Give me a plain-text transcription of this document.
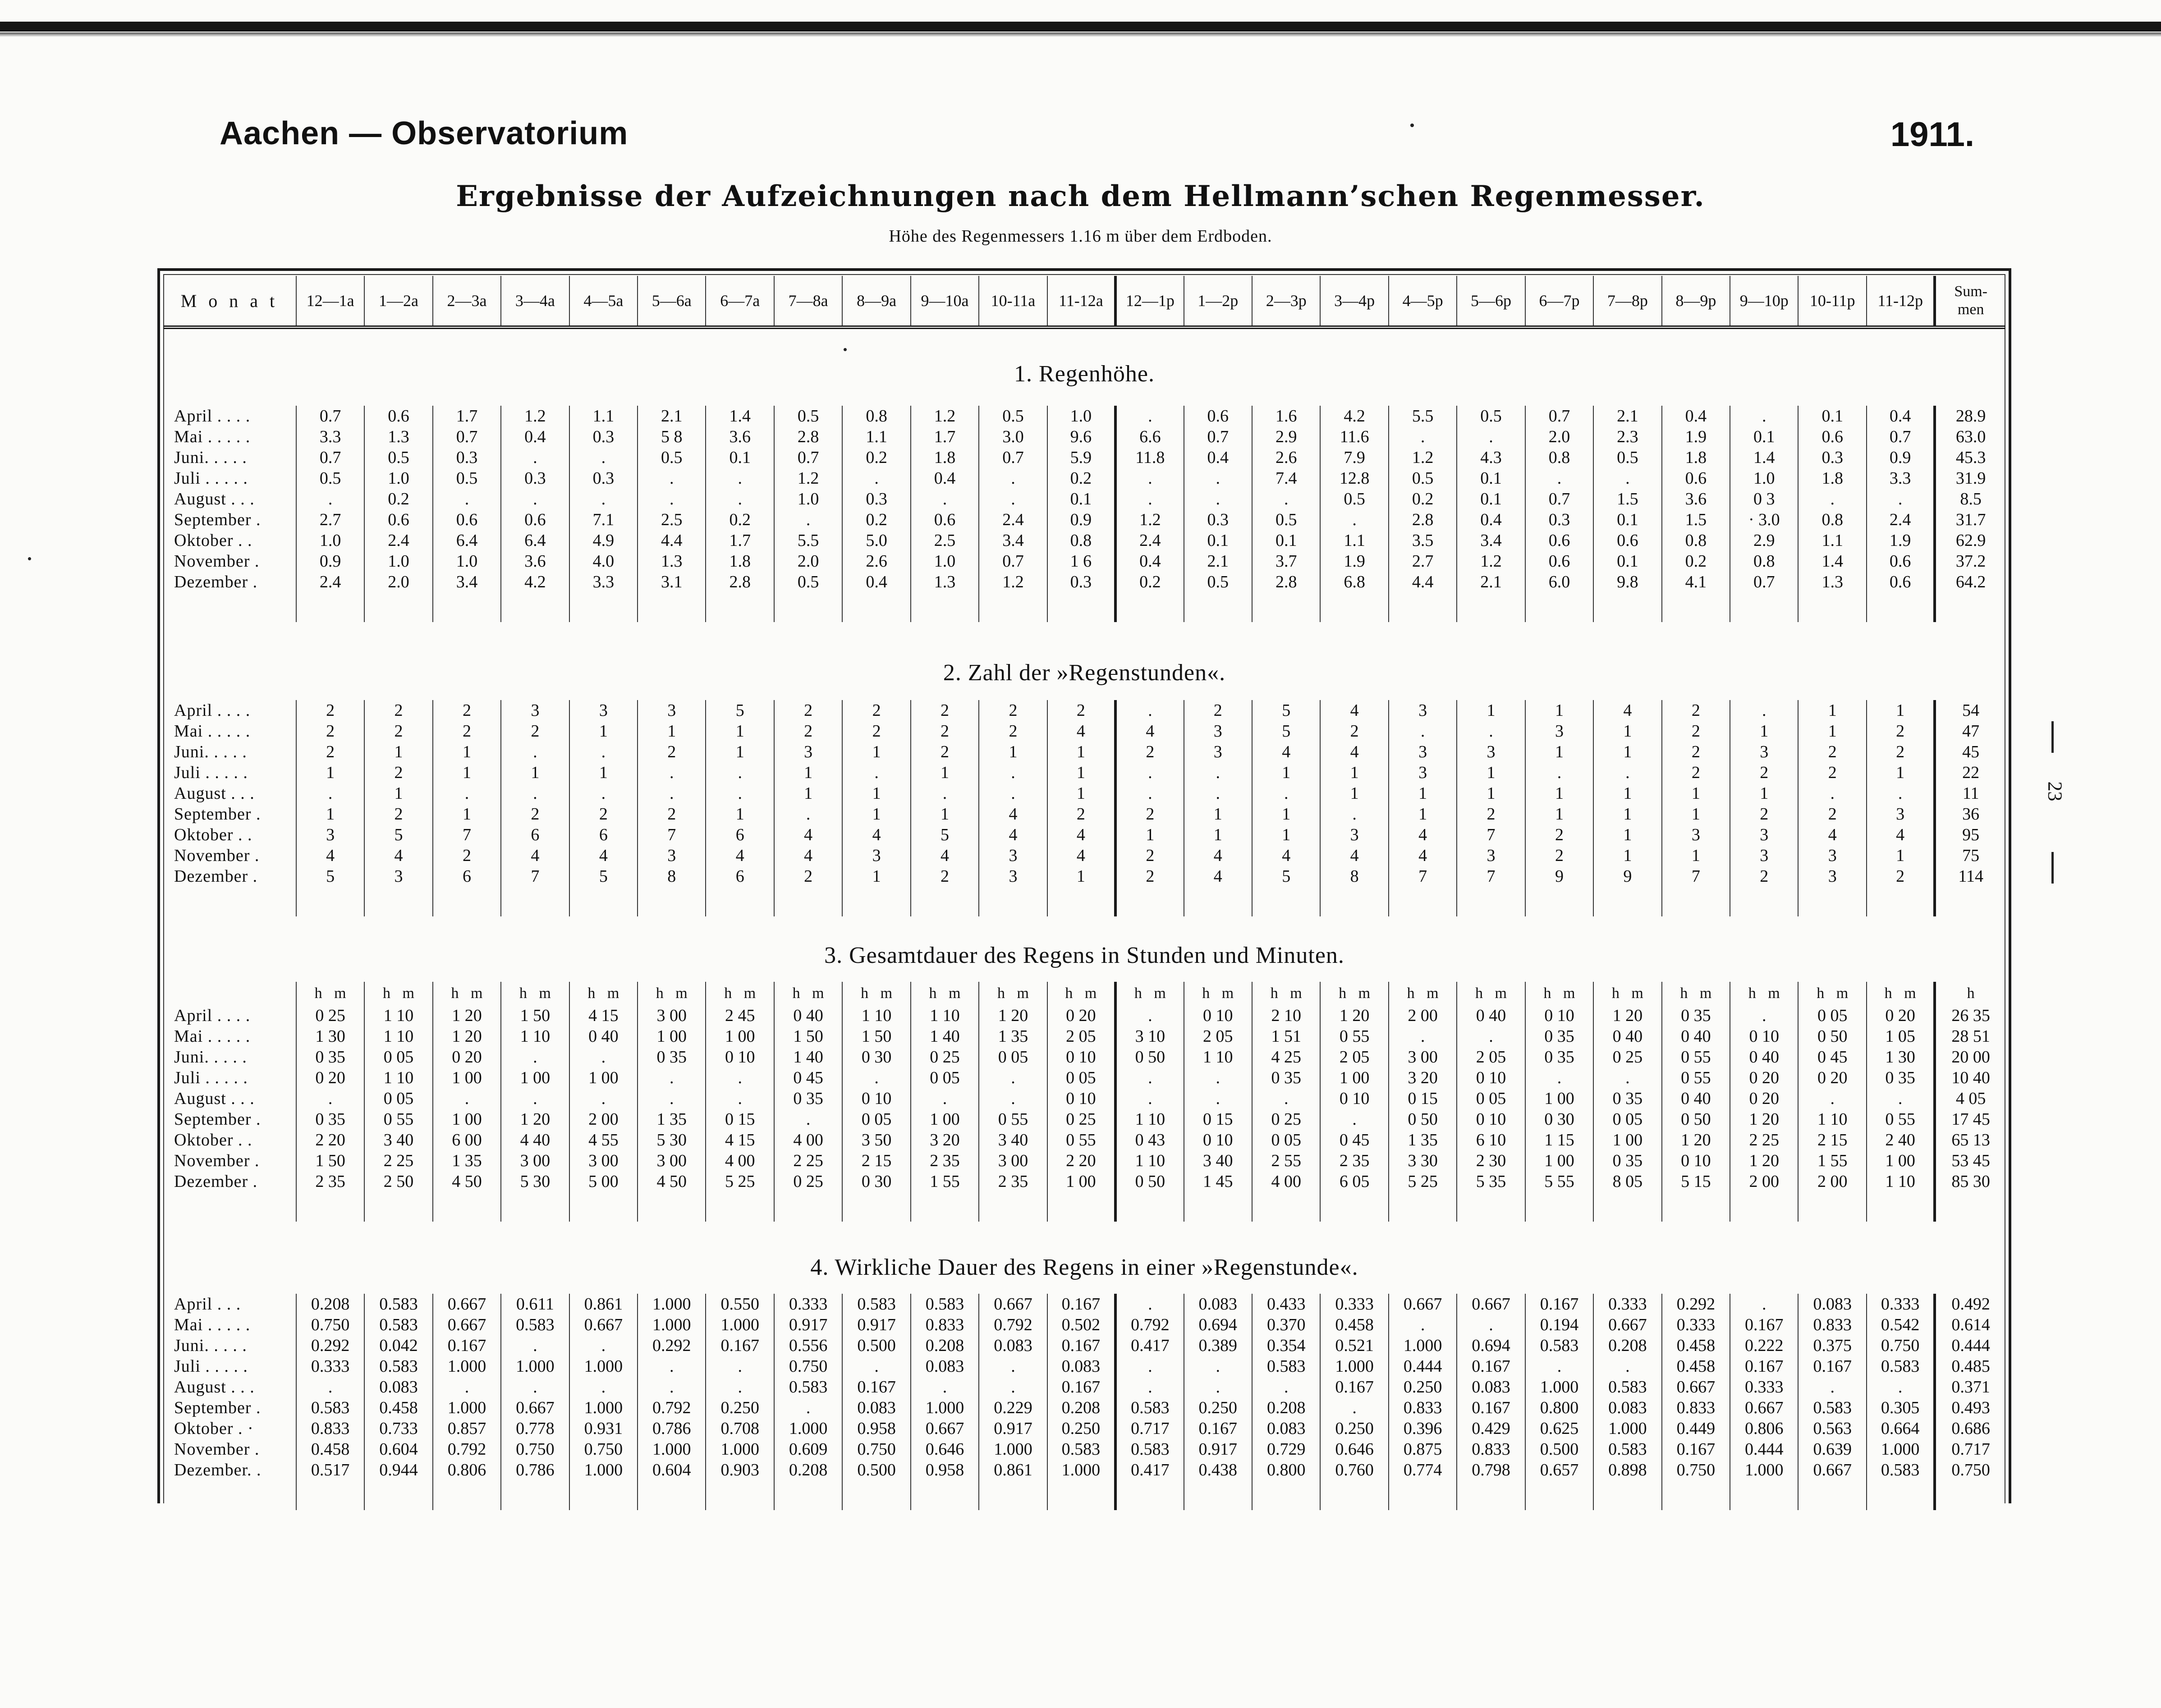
Aachen — Observatorium	1911.
Ergebnisse der Aufzeichnungen nach dem Hellmann’schen Regenmesser.
Höhe des Regenmessers 1.16 m über dem Erdboden.
M o n a t	12—1a	1—2a	2—3a	3—4a	4—5a	5—6a	6—7a	7—8a	8—9a	9—10a	10-11a	11-12a	12—1p	1—2p	2—3p	3—4p	4—5p	5—6p	6—7p	7—8p	8—9p	9—10p	10-11p	11-12p	Sum-
men
1. Regenhöhe.
April . . . .	0.7	0.6	1.7	1.2	1.1	2.1	1.4	0.5	0.8	1.2	0.5	1.0	.	0.6	1.6	4.2	5.5	0.5	0.7	2.1	0.4	.	0.1	0.4	28.9
Mai . . . . .	3.3	1.3	0.7	0.4	0.3	5 8	3.6	2.8	1.1	1.7	3.0	9.6	6.6	0.7	2.9	11.6	.	.	2.0	2.3	1.9	0.1	0.6	0.7	63.0
Juni. . . . .	0.7	0.5	0.3	.	.	0.5	0.1	0.7	0.2	1.8	0.7	5.9	11.8	0.4	2.6	7.9	1.2	4.3	0.8	0.5	1.8	1.4	0.3	0.9	45.3
Juli . . . . .	0.5	1.0	0.5	0.3	0.3	.	.	1.2	.	0.4	.	0.2	.	.	7.4	12.8	0.5	0.1	.	.	0.6	1.0	1.8	3.3	31.9
August . . .	.	0.2	.	.	.	.	.	1.0	0.3	.	.	0.1	.	.	.	0.5	0.2	0.1	0.7	1.5	3.6	0 3	.	.	8.5
September .	2.7	0.6	0.6	0.6	7.1	2.5	0.2	.	0.2	0.6	2.4	0.9	1.2	0.3	0.5	.	2.8	0.4	0.3	0.1	1.5	· 3.0	0.8	2.4	31.7
Oktober . .	1.0	2.4	6.4	6.4	4.9	4.4	1.7	5.5	5.0	2.5	3.4	0.8	2.4	0.1	0.1	1.1	3.5	3.4	0.6	0.6	0.8	2.9	1.1	1.9	62.9
November .	0.9	1.0	1.0	3.6	4.0	1.3	1.8	2.0	2.6	1.0	0.7	1 6	0.4	2.1	3.7	1.9	2.7	1.2	0.6	0.1	0.2	0.8	1.4	0.6	37.2
Dezember .	2.4	2.0	3.4	4.2	3.3	3.1	2.8	0.5	0.4	1.3	1.2	0.3	0.2	0.5	2.8	6.8	4.4	2.1	6.0	9.8	4.1	0.7	1.3	0.6	64.2

2. Zahl der »Regenstunden«.
April . . . .	2	2	2	3	3	3	5	2	2	2	2	2	.	2	5	4	3	1	1	4	2	.	1	1	54
Mai . . . . .	2	2	2	2	1	1	1	2	2	2	2	4	4	3	5	2	.	.	3	1	2	1	1	2	47
Juni. . . . .	2	1	1	.	.	2	1	3	1	2	1	1	2	3	4	4	3	3	1	1	2	3	2	2	45
Juli . . . . .	1	2	1	1	1	.	.	1	.	1	.	1	.	.	1	1	3	1	.	.	2	2	2	1	22
August . . .	.	1	.	.	.	.	.	1	1	.	.	1	.	.	.	1	1	1	1	1	1	1	.	.	11
September .	1	2	1	2	2	2	1	.	1	1	4	2	2	1	1	.	1	2	1	1	1	2	2	3	36
Oktober . .	3	5	7	6	6	7	6	4	4	5	4	4	1	1	1	3	4	7	2	1	3	3	4	4	95
November .	4	4	2	4	4	3	4	4	3	4	3	4	2	4	4	4	4	3	2	1	1	3	3	1	75
Dezember .	5	3	6	7	5	8	6	2	1	2	3	1	2	4	5	8	7	7	9	9	7	2	3	2	114

3. Gesamtdauer des Regens in Stunden und Minuten.
	h m	h m	h m	h m	h m	h m	h m	h m	h m	h m	h m	h m	h m	h m	h m	h m	h m	h m	h m	h m	h m	h m	h m	h m	h
April . . . .	0 25	1 10	1 20	1 50	4 15	3 00	2 45	0 40	1 10	1 10	1 20	0 20	.	0 10	2 10	1 20	2 00	0 40	0 10	1 20	0 35	.	0 05	0 20	26 35
Mai . . . . .	1 30	1 10	1 20	1 10	0 40	1 00	1 00	1 50	1 50	1 40	1 35	2 05	3 10	2 05	1 51	0 55	.	.	0 35	0 40	0 40	0 10	0 50	1 05	28 51
Juni. . . . .	0 35	0 05	0 20	.	.	0 35	0 10	1 40	0 30	0 25	0 05	0 10	0 50	1 10	4 25	2 05	3 00	2 05	0 35	0 25	0 55	0 40	0 45	1 30	20 00
Juli . . . . .	0 20	1 10	1 00	1 00	1 00	.	.	0 45	.	0 05	.	0 05	.	.	0 35	1 00	3 20	0 10	.	.	0 55	0 20	0 20	0 35	10 40
August . . .	.	0 05	.	.	.	.	.	0 35	0 10	.	.	0 10	.	.	.	0 10	0 15	0 05	1 00	0 35	0 40	0 20	.	.	4 05
September .	0 35	0 55	1 00	1 20	2 00	1 35	0 15	.	0 05	1 00	0 55	0 25	1 10	0 15	0 25	.	0 50	0 10	0 30	0 05	0 50	1 20	1 10	0 55	17 45
Oktober . .	2 20	3 40	6 00	4 40	4 55	5 30	4 15	4 00	3 50	3 20	3 40	0 55	0 43	0 10	0 05	0 45	1 35	6 10	1 15	1 00	1 20	2 25	2 15	2 40	65 13
November .	1 50	2 25	1 35	3 00	3 00	3 00	4 00	2 25	2 15	2 35	3 00	2 20	1 10	3 40	2 55	2 35	3 30	2 30	1 00	0 35	0 10	1 20	1 55	1 00	53 45
Dezember .	2 35	2 50	4 50	5 30	5 00	4 50	5 25	0 25	0 30	1 55	2 35	1 00	0 50	1 45	4 00	6 05	5 25	5 35	5 55	8 05	5 15	2 00	2 00	1 10	85 30

4. Wirkliche Dauer des Regens in einer »Regenstunde«.
April . . .	0.208	0.583	0.667	0.611	0.861	1.000	0.550	0.333	0.583	0.583	0.667	0.167	.	0.083	0.433	0.333	0.667	0.667	0.167	0.333	0.292	.	0.083	0.333	0.492
Mai . . . . .	0.750	0.583	0.667	0.583	0.667	1.000	1.000	0.917	0.917	0.833	0.792	0.502	0.792	0.694	0.370	0.458	.	.	0.194	0.667	0.333	0.167	0.833	0.542	0.614
Juni. . . . .	0.292	0.042	0.167	.	.	0.292	0.167	0.556	0.500	0.208	0.083	0.167	0.417	0.389	0.354	0.521	1.000	0.694	0.583	0.208	0.458	0.222	0.375	0.750	0.444
Juli . . . . .	0.333	0.583	1.000	1.000	1.000	.	.	0.750	.	0.083	.	0.083	.	.	0.583	1.000	0.444	0.167	.	.	0.458	0.167	0.167	0.583	0.485
August . . .	.	0.083	.	.	.	.	.	0.583	0.167	.	.	0.167	.	.	.	0.167	0.250	0.083	1.000	0.583	0.667	0.333	.	.	0.371
September .	0.583	0.458	1.000	0.667	1.000	0.792	0.250	.	0.083	1.000	0.229	0.208	0.583	0.250	0.208	.	0.833	0.167	0.800	0.083	0.833	0.667	0.583	0.305	0.493
Oktober . ·	0.833	0.733	0.857	0.778	0.931	0.786	0.708	1.000	0.958	0.667	0.917	0.250	0.717	0.167	0.083	0.250	0.396	0.429	0.625	1.000	0.449	0.806	0.563	0.664	0.686
November .	0.458	0.604	0.792	0.750	0.750	1.000	1.000	0.609	0.750	0.646	1.000	0.583	0.583	0.917	0.729	0.646	0.875	0.833	0.500	0.583	0.167	0.444	0.639	1.000	0.717
Dezember. .	0.517	0.944	0.806	0.786	1.000	0.604	0.903	0.208	0.500	0.958	0.861	1.000	0.417	0.438	0.800	0.760	0.774	0.798	0.657	0.898	0.750	1.000	0.667	0.583	0.750

23
